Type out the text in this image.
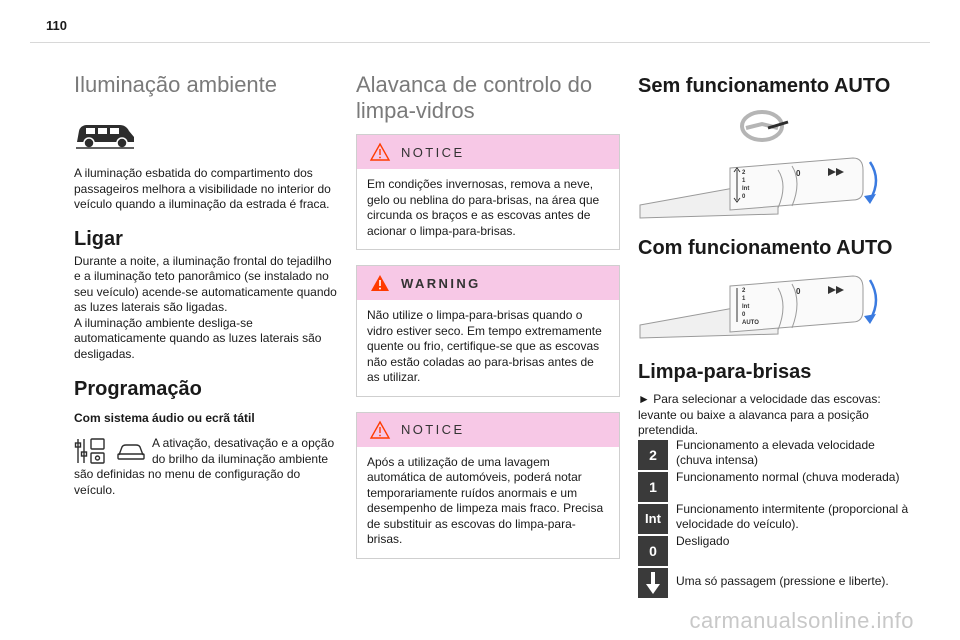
110
Iluminação ambiente

A iluminação esbatida do compartimento dos passageiros melhora a visibilidade no interior do veículo quando a iluminação da estrada é fraca.

Ligar

Durante a noite, a iluminação frontal do tejadilho e a iluminação teto panorâmico (se instalado no seu veículo) acende-se automaticamente quando as luzes laterais são ligadas.

A iluminação ambiente desliga-se automaticamente quando as luzes laterais são desligadas.

Programação
Com sistema áudio ou ecrã tátil

A ativação, desativação e a opção do brilho da iluminação ambiente

são definidas no menu de configuração do veículo.

Alavanca de controlo do limpa-vidros
NOTICE

Em condições invernosas, remova a neve, gelo ou neblina do para-brisas, na área que circunda os braços e as escovas antes de acionar o limpa-para-brisas.

WARNING

Não utilize o limpa-para-brisas quando o vidro estiver seco. Em tempo extremamente quente ou frio, certifique-se que as escovas não estão coladas ao para-brisas antes de as utilizar.

NOTICE

Após a utilização de uma lavagem automática de automóveis, poderá notar temporariamente ruídos anormais e um desempenho de limpeza mais fraco. Precisa de substituir as escovas do limpa-para-brisas.

Sem funcionamento AUTO
2
1
Int
0
0
Com funcionamento AUTO
2
1
Int
0
AUTO
0
Limpa-para-brisas

► Para selecionar a velocidade das escovas: levante ou baixe a alavanca para a posição pretendida.

2

Funcionamento a elevada velocidade (chuva intensa)

1

Funcionamento normal (chuva moderada)

Int

Funcionamento intermitente (proporcional à velocidade do veículo).

0

Desligado

Uma só passagem (pressione e liberte).

carmanualsonline.info
